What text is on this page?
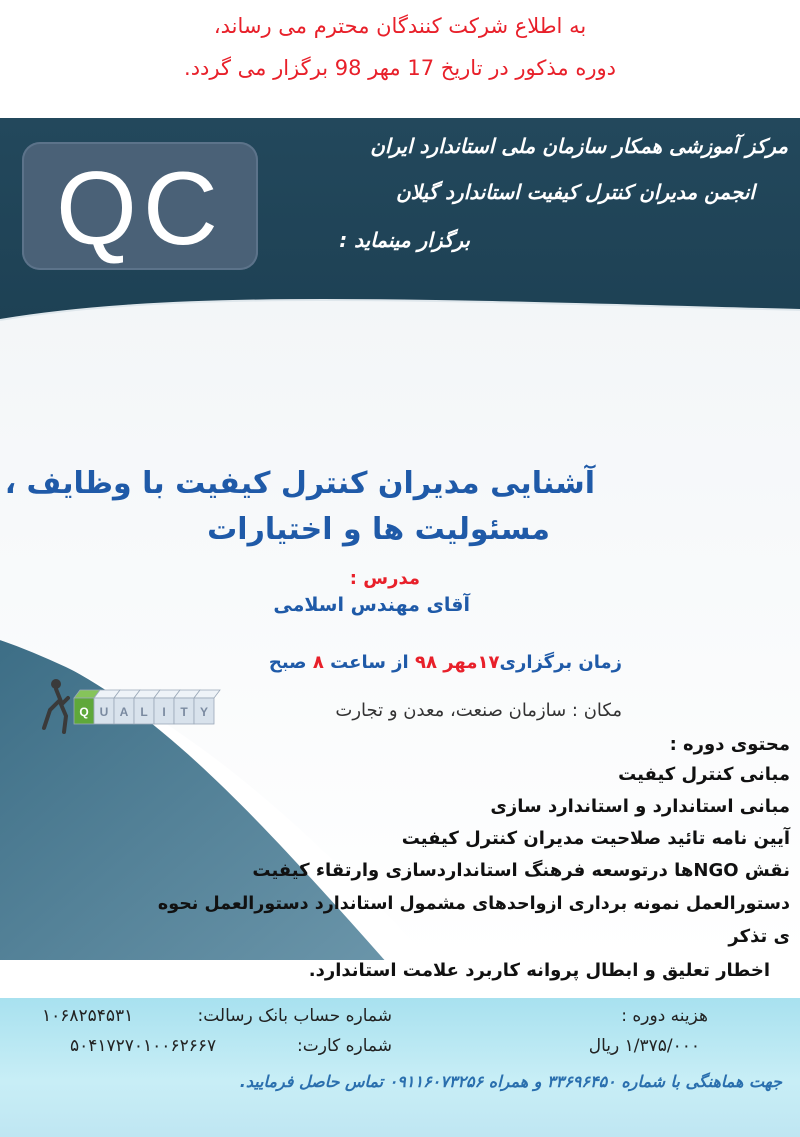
به اطلاع شرکت کنندگان محترم می رساند،
دوره مذکور در تاریخ 17 مهر 98 برگزار می گردد.
QC
مرکز آموزشی همکار سازمان ملی استاندارد ایران
انجمن مدیران کنترل کیفیت استاندارد گیلان
برگزار مینماید :
آشنایی مدیران کنترل کیفیت با وظایف ،
مسئولیت ها و اختیارات
مدرس :
آقای مهندس اسلامی
زمان برگزاری۱۷مهر ۹۸ از ساعت ۸ صبح
مکان : سازمان صنعت، معدن و تجارت
Q U A L I T Y
محتوی دوره :
مبانی کنترل کیفیت
مبانی استاندارد و استاندارد سازی
آیین نامه تائید صلاحیت مدیران کنترل کیفیت
نقش NGOها درتوسعه فرهنگ استانداردسازی وارتقاء کیفیت
دستورالعمل نمونه برداری ازواحدهای مشمول استاندارد دستورالعمل نحوه
ی تذکر
اخطار تعلیق و ابطال پروانه کاربرد علامت استاندارد.
هزینه دوره :
۱/۳۷۵/۰۰۰ ریال
شماره حساب بانک رسالت:
۱۰۶۸۲۵۴۵۳۱
شماره کارت:
۵۰۴۱۷۲۷۰۱۰۰۶۲۶۶۷
جهت هماهنگی با شماره ۳۳۶۹۶۴۵۰ و همراه ۰۹۱۱۶۰۷۳۲۵۶ تماس حاصل فرمایید.
